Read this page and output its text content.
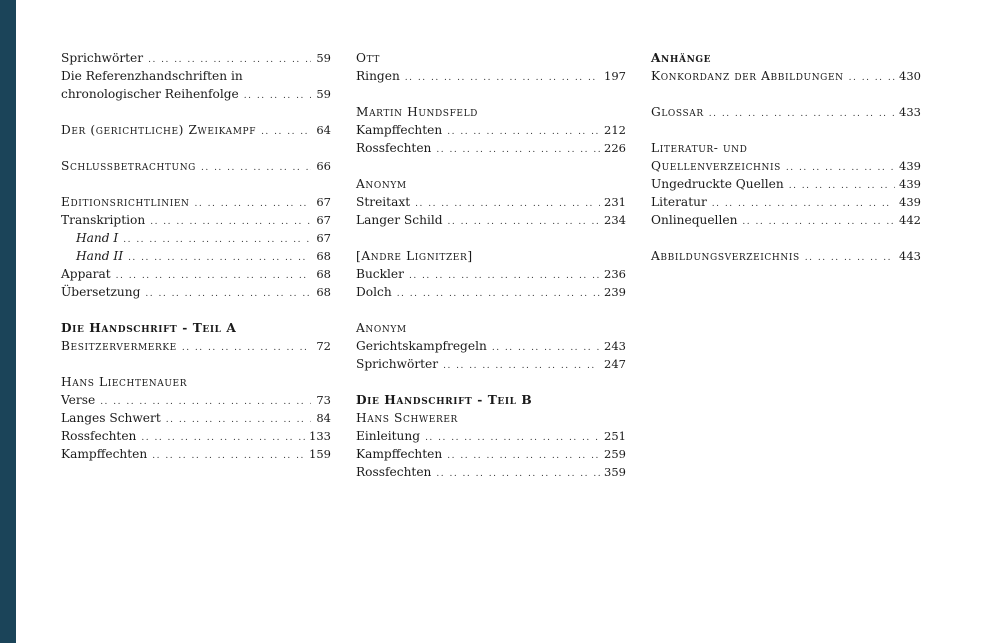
Sprichwörter .. ..	59
Die Referenzhandschriften in
chronologischer Reihenfolge .. ..	59
Der (gerichtliche) Zweikampf .. ..	64
Schlussbetrachtung .. ..	66
Editionsrichtlinien .. ..	67
Transkription .. ..	67
Hand I .. ..	67
Hand II .. ..	68
Apparat .. ..	68
Übersetzung .. ..	68
Die Handschrift - Teil A
Besitzervermerke .. ..	72
Hans Liechtenauer
Verse .. ..	73
Langes Schwert .. ..	84
Rossfechten .. ..	133
Kampffechten .. ..	159
Ott
Ringen .. ..	197
Martin Hundsfeld
Kampffechten .. ..	212
Rossfechten .. ..	226
Anonym
Streitaxt .. ..	231
Langer Schild .. ..	234
[Andre Lignitzer]
Buckler .. ..	236
Dolch .. ..	239
Anonym
Gerichtskampfregeln .. ..	243
Sprichwörter .. ..	247
Die Handschrift - Teil B
Hans Schwerer
Einleitung .. ..	251
Kampffechten .. ..	259
Rossfechten .. ..	359
Anhänge
Konkordanz der Abbildungen .. ..	430
Glossar .. ..	433
Literatur- und
Quellenverzeichnis .. ..	439
Ungedruckte Quellen .. ..	439
Literatur .. ..	439
Onlinequellen .. ..	442
Abbildungsverzeichnis .. ..	443
